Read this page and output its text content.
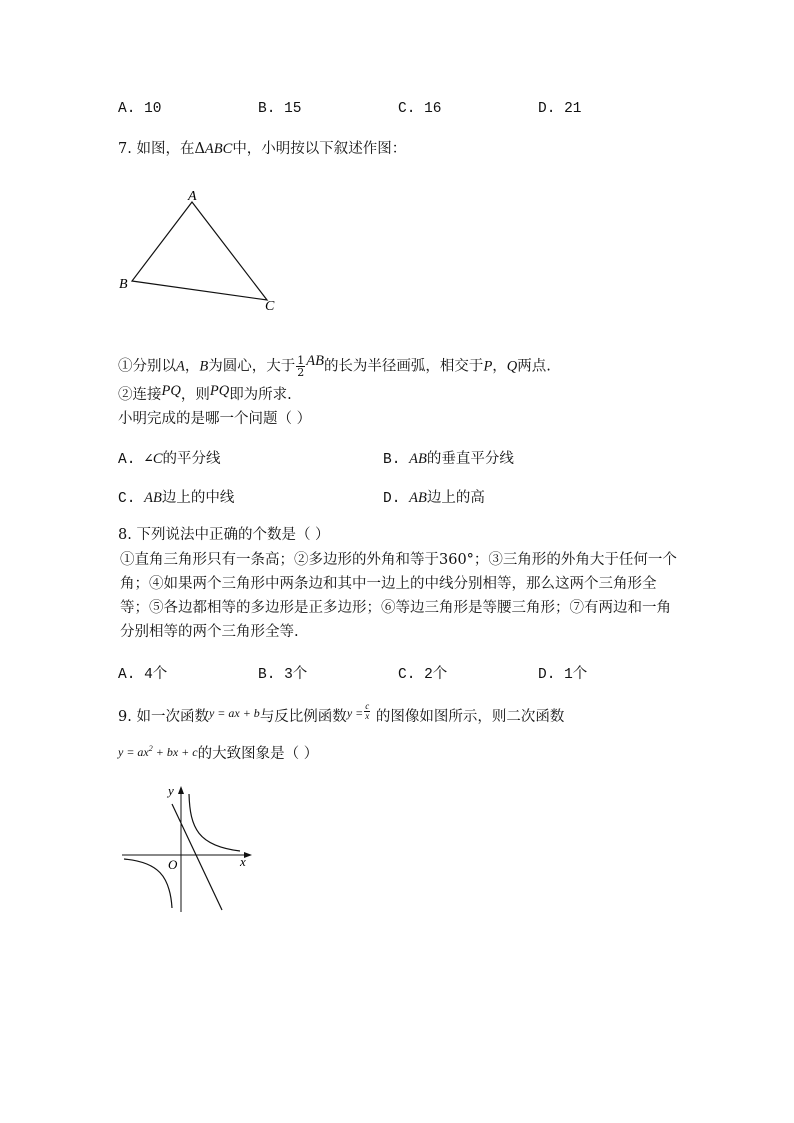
A. 10	B. 15	C. 16	D. 21
7. 如图，在ΔABC中，小明按以下叙述作图：
A
B
C
①分别以A，B为圆心，大于 $\frac{1}{2}$ AB的长为半径画弧，相交于P，Q两点.
②连接PQ，则PQ即为所求.
小明完成的是哪一个问题（ ）
A. ∠C的平分线	B. AB的垂直平分线
C. AB边上的中线	D. AB边上的高
8. 下列说法中正确的个数是（ ）
①直角三角形只有一条高；②多边形的外角和等于360°；③三角形的外角大于任何一个角；④如果两个三角形中两条边和其中一边上的中线分别相等，那么这两个三角形全等；⑤各边都相等的多边形是正多边形；⑥等边三角形是等腰三角形；⑦有两边和一角分别相等的两个三角形全等.
A. 4个	B. 3个	C. 2个	D. 1个
9. 如一次函数$^{y = ax + b}$与反比例函数$^{y =} \frac{c}{x}$ 的图像如图所示，则二次函数
$y = ax^2$ + bx + c的大致图象是（ ）
y
x
O
